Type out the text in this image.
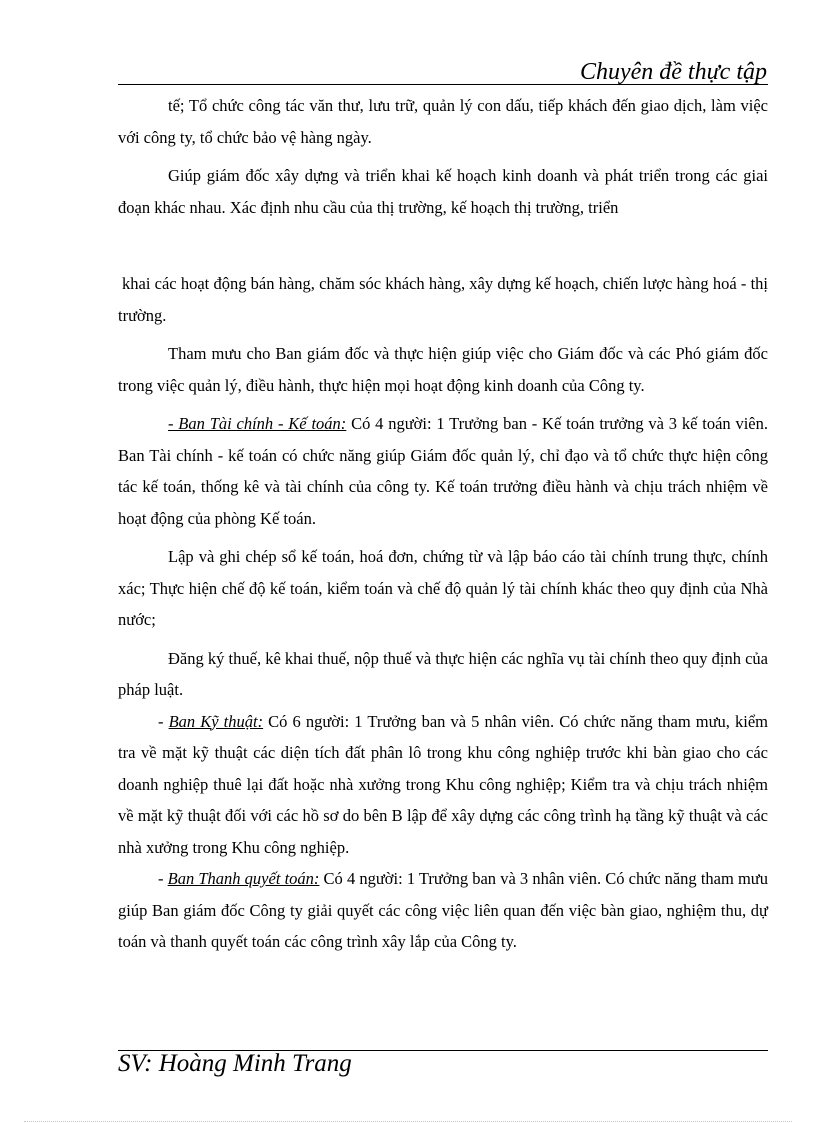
Chuyên đề thực tập

tế; Tổ chức công tác văn thư, lưu trữ, quản lý con dấu, tiếp khách đến giao dịch, làm việc với công ty, tổ chức bảo vệ hàng ngày.

Giúp giám đốc xây dựng và triển khai kế hoạch kinh doanh và phát triển trong các giai đoạn khác nhau. Xác định nhu cầu của thị trường, kế hoạch thị trường, triển

khai các hoạt động bán hàng, chăm sóc khách hàng, xây dựng kế hoạch, chiến lược hàng hoá - thị trường.

Tham mưu cho Ban giám đốc và thực hiện giúp việc cho Giám đốc và các Phó giám đốc trong việc quản lý, điều hành, thực hiện mọi hoạt động kinh doanh của Công ty.

- Ban Tài chính - Kế toán: Có 4 người: 1 Trưởng ban - Kế toán trưởng và 3 kế toán viên. Ban Tài chính - kế toán có chức năng giúp Giám đốc quản lý, chỉ đạo và tổ chức thực hiện công tác kế toán, thống kê và tài chính của công ty. Kế toán trưởng điều hành và chịu trách nhiệm về hoạt động của phòng Kế toán.

Lập và ghi chép sổ kế toán, hoá đơn, chứng từ và lập báo cáo tài chính trung thực, chính xác; Thực hiện chế độ kế toán, kiểm toán và chế độ quản lý tài chính khác theo quy định của Nhà nước;

Đăng ký thuế, kê khai thuế, nộp thuế và thực hiện các nghĩa vụ tài chính theo quy định của pháp luật.

- Ban Kỹ thuật: Có 6 người: 1 Trưởng ban và 5 nhân viên. Có chức năng tham mưu, kiểm tra về mặt kỹ thuật các diện tích đất phân lô trong khu công nghiệp trước khi bàn giao cho các doanh nghiệp thuê lại đất hoặc nhà xưởng trong Khu công nghiệp; Kiểm tra và chịu trách nhiệm về mặt kỹ thuật đối với các hồ sơ do bên B lập để xây dựng các công trình hạ tầng kỹ thuật và các nhà xưởng trong Khu công nghiệp.

- Ban Thanh quyết toán: Có 4 người: 1 Trưởng ban và 3 nhân viên. Có chức năng tham mưu giúp Ban giám đốc Công ty giải quyết các công việc liên quan đến việc bàn giao, nghiệm thu, dự toán và thanh quyết toán các công trình xây lắp của Công ty.

SV: Hoàng Minh Trang
